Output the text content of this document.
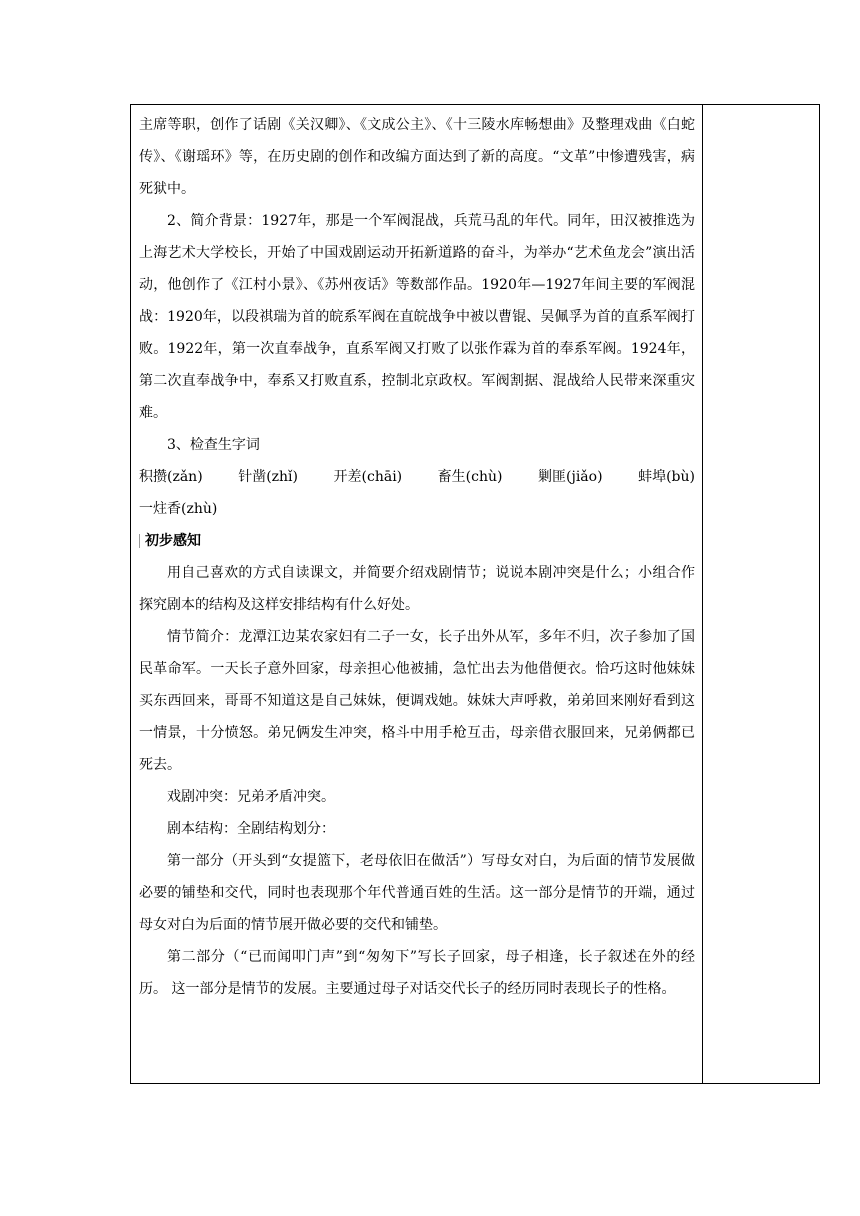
主席等职，创作了话剧《关汉卿》、《文成公主》、《十三陵水库畅想曲》及整理戏曲《白蛇传》、《谢瑶环》等，在历史剧的创作和改编方面达到了新的高度。“文革”中惨遭残害，病死狱中。

2、简介背景：1927年，那是一个军阀混战，兵荒马乱的年代。同年，田汉被推选为上海艺术大学校长，开始了中国戏剧运动开拓新道路的奋斗，为举办“艺术鱼龙会”演出活动，他创作了《江村小景》、《苏州夜话》等数部作品。1920年—1927年间主要的军阀混战：1920年，以段祺瑞为首的皖系军阀在直皖战争中被以曹锟、吴佩孚为首的直系军阀打败。1922年，第一次直奉战争，直系军阀又打败了以张作霖为首的奉系军阀。1924年，第二次直奉战争中，奉系又打败直系，控制北京政权。军阀割据、混战给人民带来深重灾难。

3、检查生字词

积攒(zǎn)	针凿(zhǐ)	开差(chāi)	畜生(chù)	剿匪(jiǎo)	蚌埠(bù)

一炷香(zhù)

初步感知

用自己喜欢的方式自读课文，并简要介绍戏剧情节；说说本剧冲突是什么；小组合作探究剧本的结构及这样安排结构有什么好处。

情节简介：龙潭江边某农家妇有二子一女，长子出外从军，多年不归，次子参加了国民革命军。一天长子意外回家，母亲担心他被捕，急忙出去为他借便衣。恰巧这时他妹妹买东西回来，哥哥不知道这是自己妹妹，便调戏她。妹妹大声呼救，弟弟回来刚好看到这一情景，十分愤怒。弟兄俩发生冲突，格斗中用手枪互击，母亲借衣服回来，兄弟俩都已死去。

戏剧冲突：兄弟矛盾冲突。

剧本结构：全剧结构划分：

第一部分（开头到“女提篮下，老母依旧在做活”）写母女对白，为后面的情节发展做必要的铺垫和交代，同时也表现那个年代普通百姓的生活。这一部分是情节的开端，通过母女对白为后面的情节展开做必要的交代和铺垫。

第二部分（“已而闻叩门声”到“匆匆下”写长子回家，母子相逢，长子叙述在外的经历。 这一部分是情节的发展。主要通过母子对话交代长子的经历同时表现长子的性格。
